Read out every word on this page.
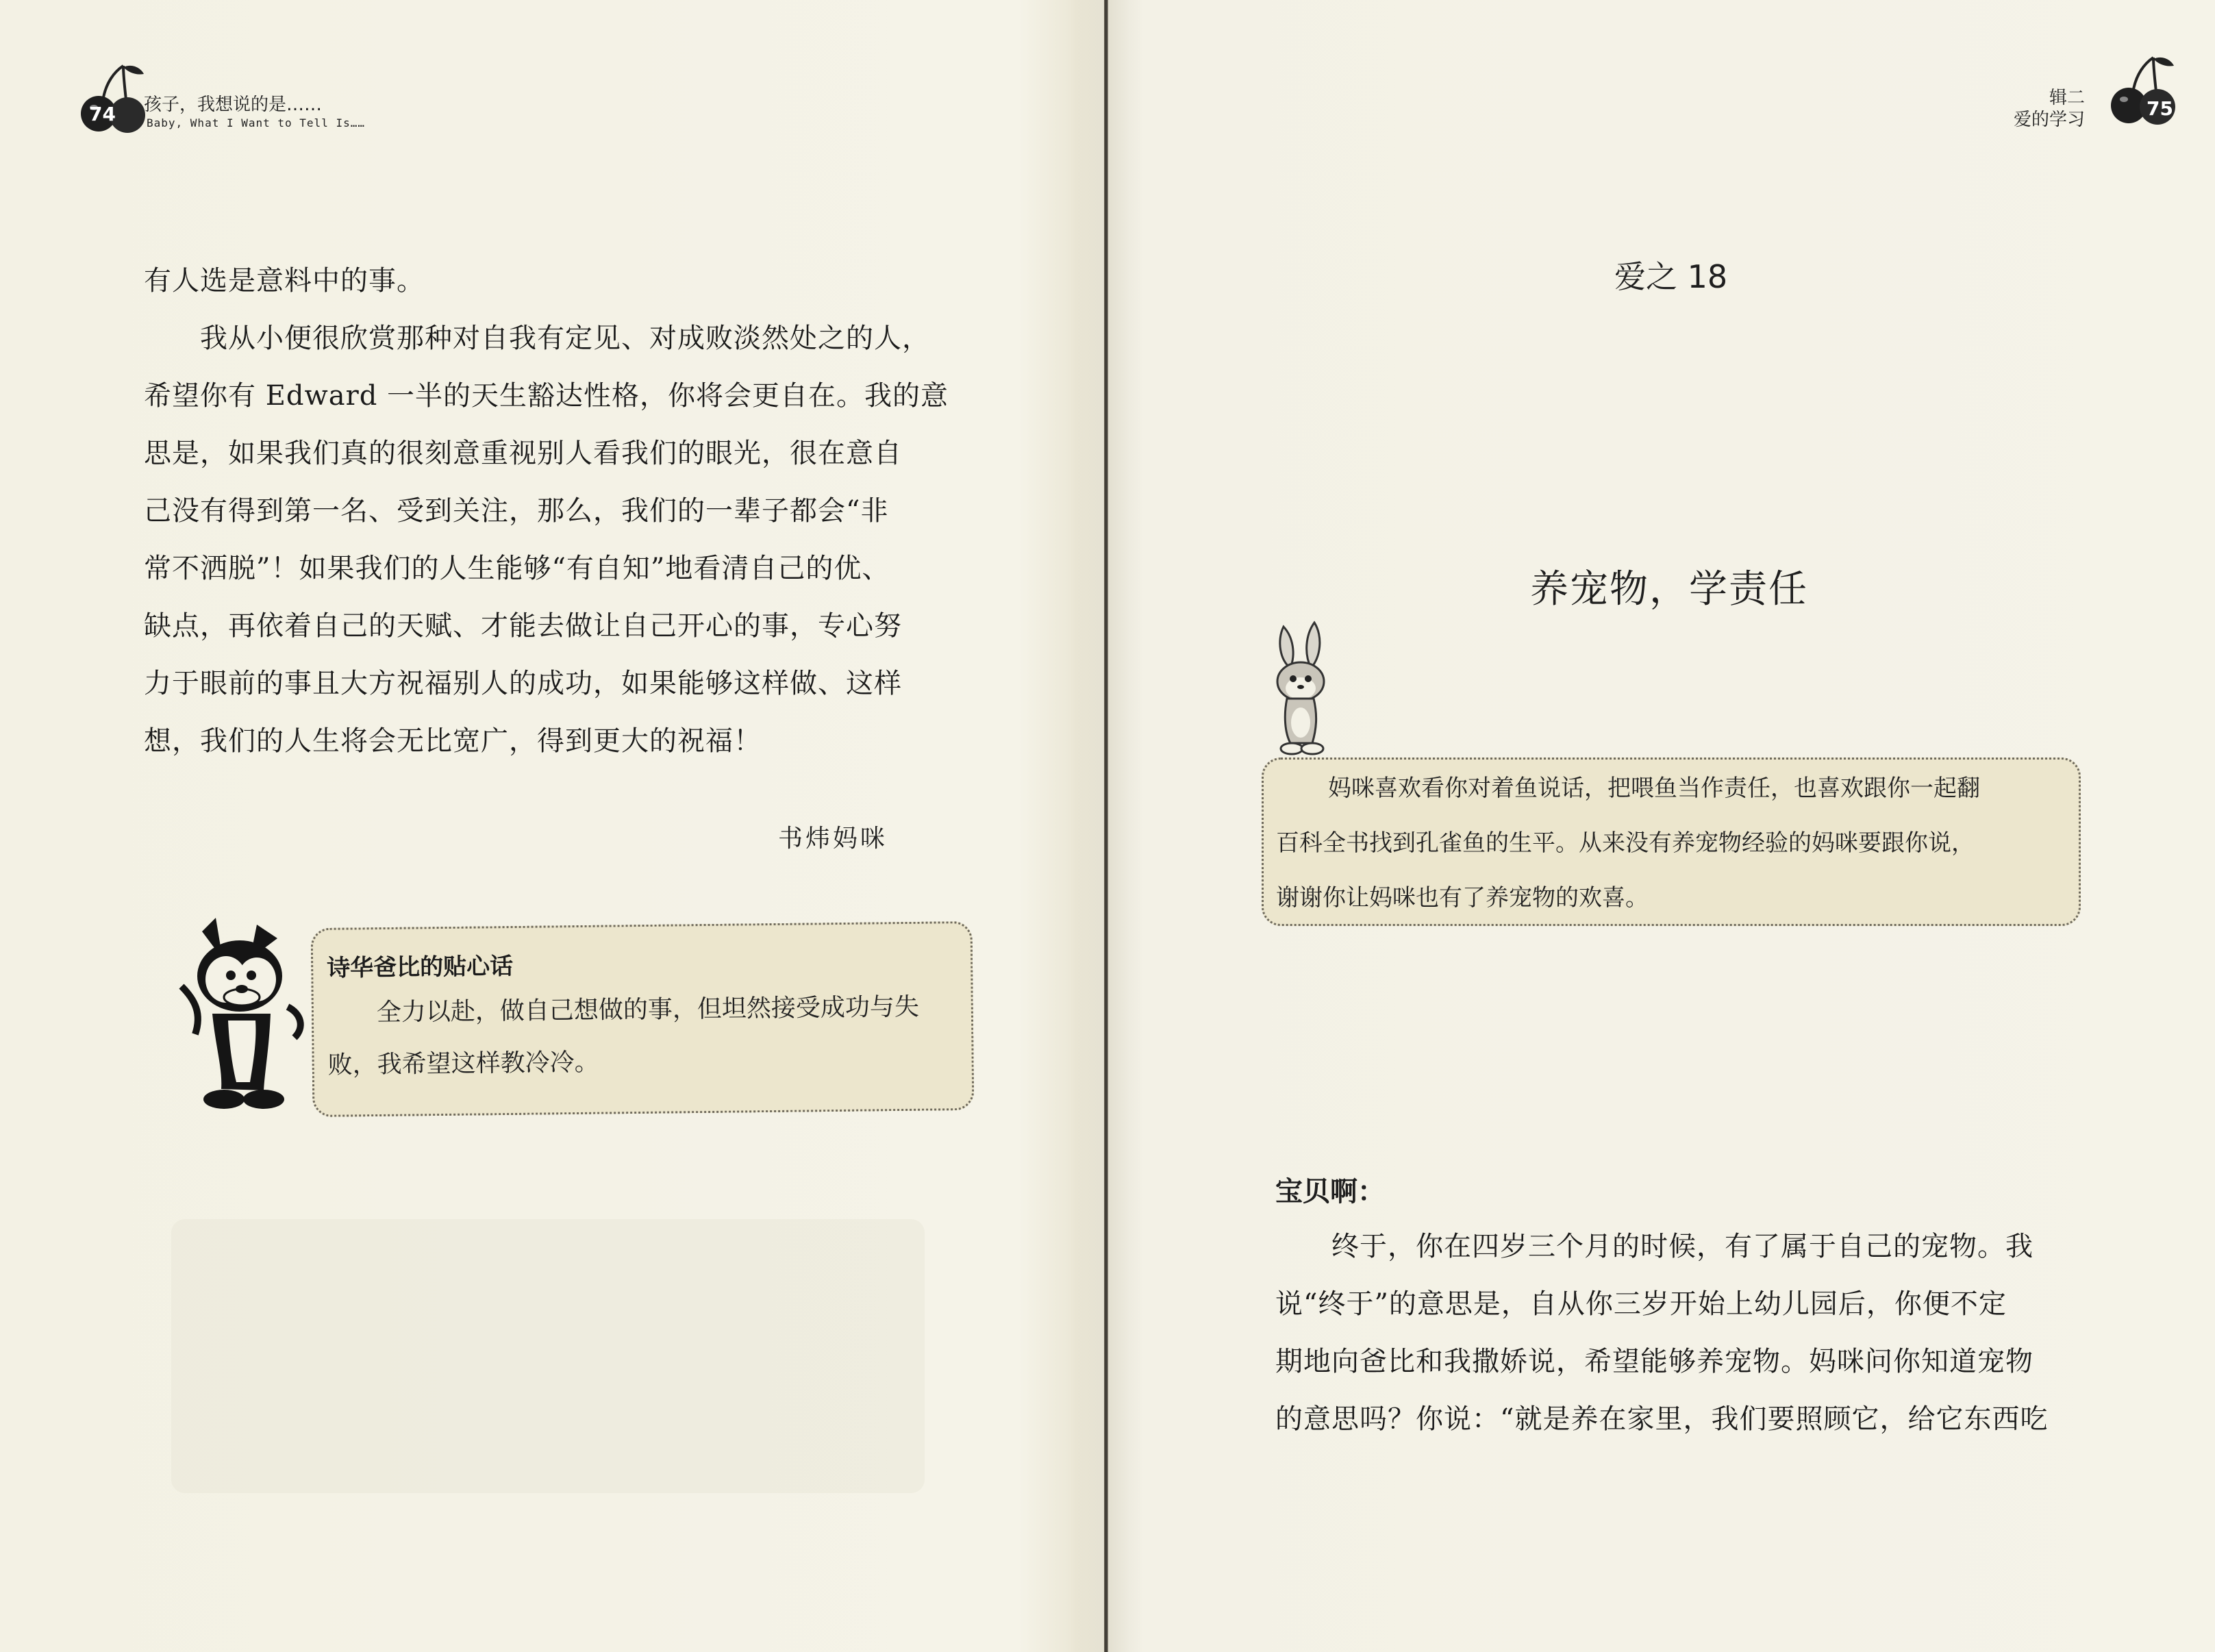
74 孩子，我想说的是……
Baby, What I Want to Tell Is……

有人选是意料中的事。

我从小便很欣赏那种对自我有定见、对成败淡然处之的人，

希望你有 Edward 一半的天生豁达性格，你将会更自在。我的意

思是，如果我们真的很刻意重视别人看我们的眼光，很在意自

己没有得到第一名、受到关注，那么，我们的一辈子都会“非

常不洒脱”！如果我们的人生能够“有自知”地看清自己的优、

缺点，再依着自己的天赋、才能去做让自己开心的事，专心努

力于眼前的事且大方祝福别人的成功，如果能够这样做、这样

想，我们的人生将会无比宽广，得到更大的祝福！

书炜妈咪
诗华爸比的贴心话

全力以赴，做自己想做的事，但坦然接受成功与失

败，我希望这样教冷冷。

辑二
爱的学习	75
爱之 18
养宠物，学责任

妈咪喜欢看你对着鱼说话，把喂鱼当作责任，也喜欢跟你一起翻

百科全书找到孔雀鱼的生平。从来没有养宠物经验的妈咪要跟你说，

谢谢你让妈咪也有了养宠物的欢喜。

宝贝啊：

终于，你在四岁三个月的时候，有了属于自己的宠物。我

说“终于”的意思是，自从你三岁开始上幼儿园后，你便不定

期地向爸比和我撒娇说，希望能够养宠物。妈咪问你知道宠物

的意思吗？你说：“就是养在家里，我们要照顾它，给它东西吃
